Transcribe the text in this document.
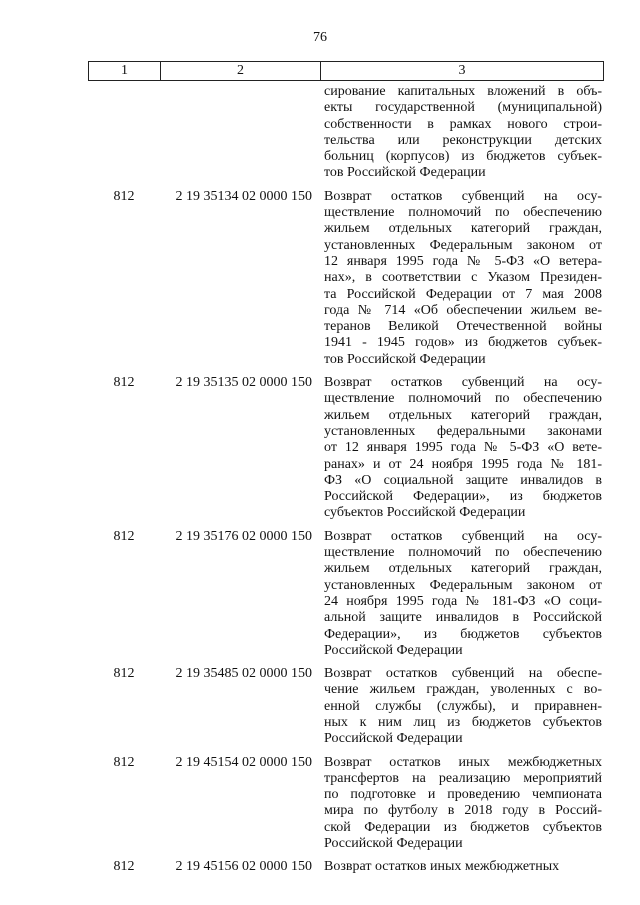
76
1	2	3
сирование капитальных вложений в объ-
екты государственной (муниципальной)
собственности в рамках нового строи-
тельства или реконструкции детских
больниц (корпусов) из бюджетов субъек-
тов Российской Федерации
812	2 19 35134 02 0000 150 Возврат остатков субвенций на осу-
ществление полномочий по обеспечению
жильем отдельных категорий граждан,
установленных Федеральным законом от
12 января 1995 года № 5-ФЗ «О ветера-
нах», в соответствии с Указом Президен-
та Российской Федерации от 7 мая 2008
года № 714 «Об обеспечении жильем ве-
теранов Великой Отечественной войны
1941 - 1945 годов» из бюджетов субъек-
тов Российской Федерации
812	2 19 35135 02 0000 150 Возврат остатков субвенций на осу-
ществление полномочий по обеспечению
жильем отдельных категорий граждан,
установленных федеральными законами
от 12 января 1995 года № 5-ФЗ «О вете-
ранах» и от 24 ноября 1995 года № 181-
ФЗ «О социальной защите инвалидов в
Российской Федерации», из бюджетов
субъектов Российской Федерации
812	2 19 35176 02 0000 150 Возврат остатков субвенций на осу-
ществление полномочий по обеспечению
жильем отдельных категорий граждан,
установленных Федеральным законом от
24 ноября 1995 года № 181-ФЗ «О соци-
альной защите инвалидов в Российской
Федерации», из бюджетов субъектов
Российской Федерации
812	2 19 35485 02 0000 150 Возврат остатков субвенций на обеспе-
чение жильем граждан, уволенных с во-
енной службы (службы), и приравнен-
ных к ним лиц из бюджетов субъектов
Российской Федерации
812	2 19 45154 02 0000 150 Возврат остатков иных межбюджетных
трансфертов на реализацию мероприятий
по подготовке и проведению чемпионата
мира по футболу в 2018 году в Россий-
ской Федерации из бюджетов субъектов
Российской Федерации
812	2 19 45156 02 0000 150 Возврат остатков иных межбюджетных
